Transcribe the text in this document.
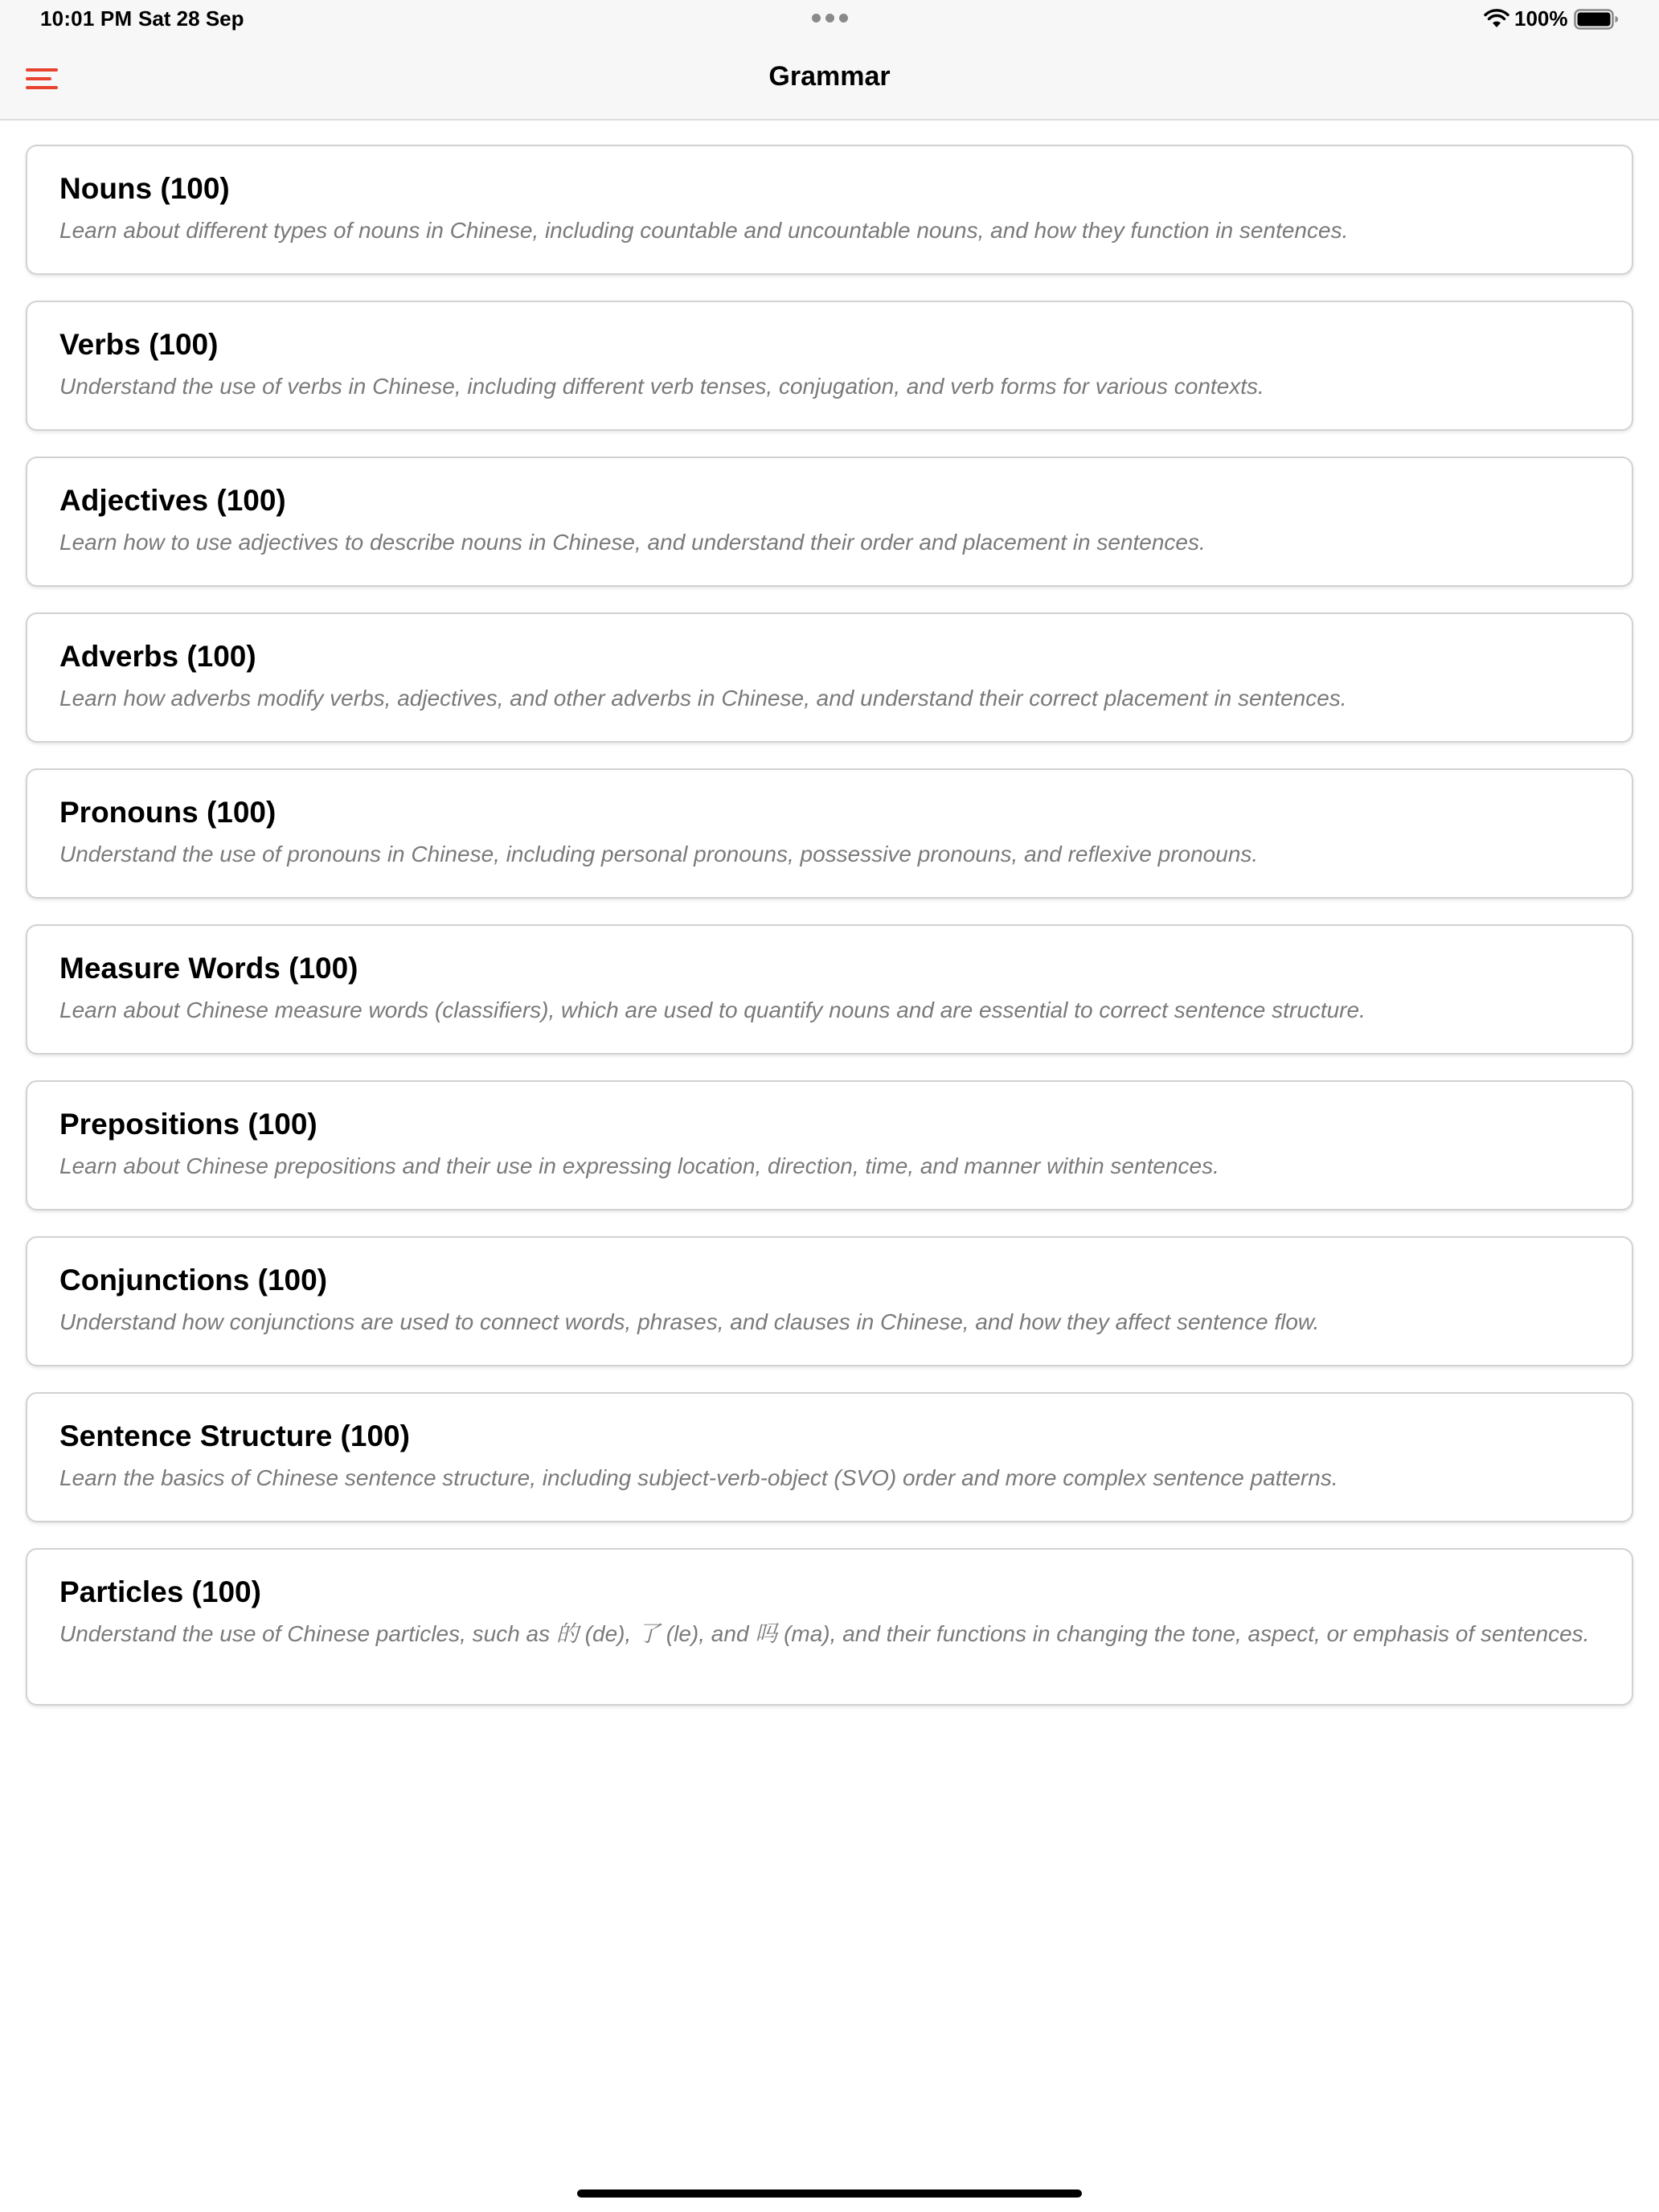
10:01 PM Sat 28 Sep	100%
Grammar
Nouns (100)
Learn about different types of nouns in Chinese, including countable and uncountable nouns, and how they function in sentences.
Verbs (100)
Understand the use of verbs in Chinese, including different verb tenses, conjugation, and verb forms for various contexts.
Adjectives (100)
Learn how to use adjectives to describe nouns in Chinese, and understand their order and placement in sentences.
Adverbs (100)
Learn how adverbs modify verbs, adjectives, and other adverbs in Chinese, and understand their correct placement in sentences.
Pronouns (100)
Understand the use of pronouns in Chinese, including personal pronouns, possessive pronouns, and reflexive pronouns.
Measure Words (100)
Learn about Chinese measure words (classifiers), which are used to quantify nouns and are essential to correct sentence structure.
Prepositions (100)
Learn about Chinese prepositions and their use in expressing location, direction, time, and manner within sentences.
Conjunctions (100)
Understand how conjunctions are used to connect words, phrases, and clauses in Chinese, and how they affect sentence flow.
Sentence Structure (100)
Learn the basics of Chinese sentence structure, including subject-verb-object (SVO) order and more complex sentence patterns.
Particles (100)
Understand the use of Chinese particles, such as 的 (de), 了 (le), and 吗 (ma), and their functions in changing the tone, aspect, or emphasis of sentences.
